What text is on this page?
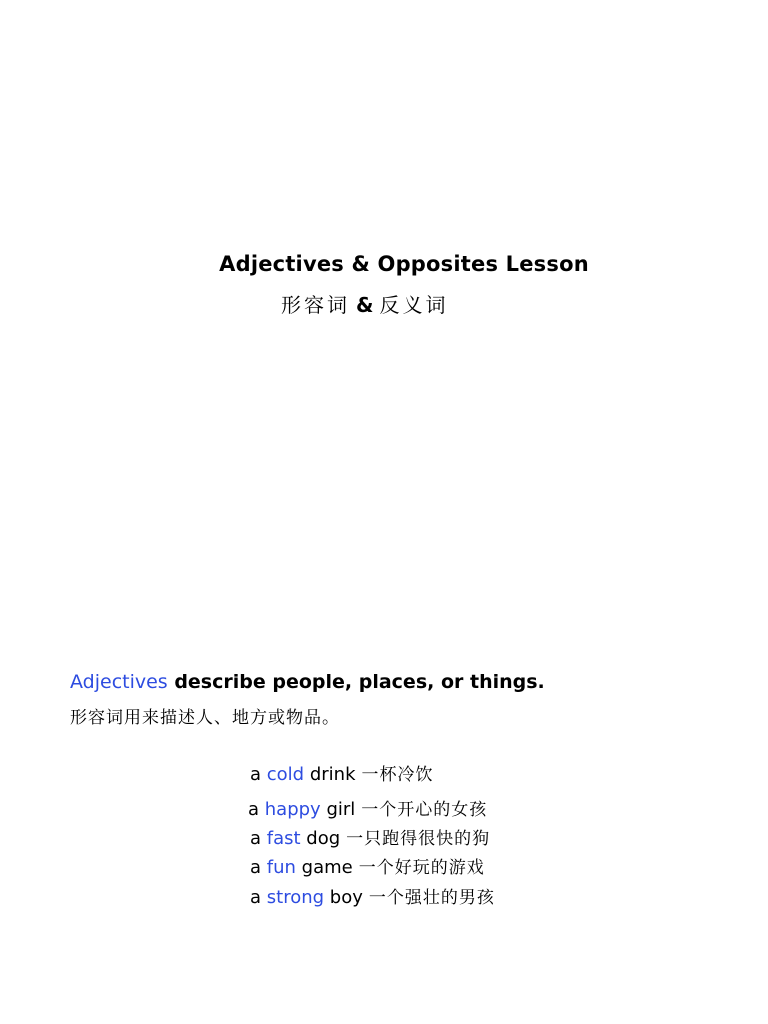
Adjectives & Opposites Lesson
形容词 & 反义词
Adjectives describe people, places, or things.
形容词用来描述人、地方或物品。
a cold drink 一杯冷饮
a happy girl 一个开心的女孩
a fast dog 一只跑得很快的狗
a fun game 一个好玩的游戏
a strong boy 一个强壮的男孩
